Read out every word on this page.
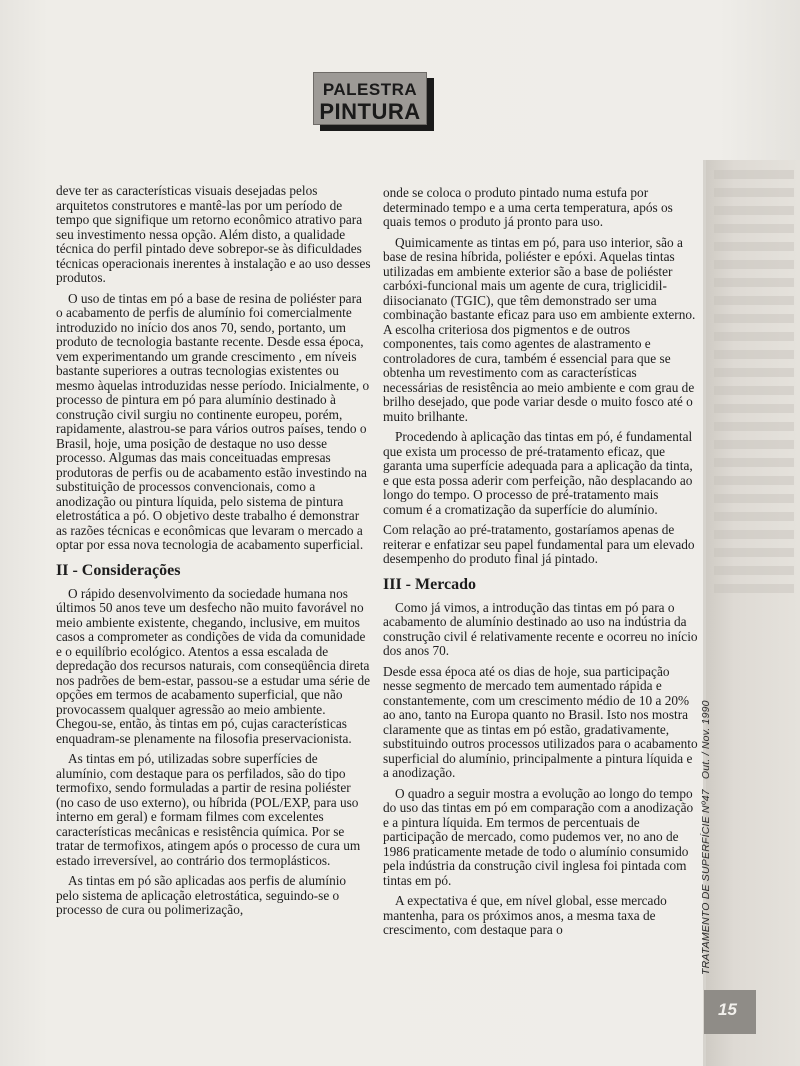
PALESTRA
PINTURA

deve ter as características visuais desejadas pelos arquitetos construtores e mantê-las por um período de tempo que signifique um retorno econômico atrativo para seu investimento nessa opção. Além disto, a qualidade técnica do perfil pintado deve sobrepor-se às dificuldades técnicas operacionais inerentes à instalação e ao uso desses produtos.

O uso de tintas em pó a base de resina de poliéster para o acabamento de perfis de alumínio foi comercialmente introduzido no início dos anos 70, sendo, portanto, um produto de tecnologia bastante recente. Desde essa época, vem experimentando um grande crescimento , em níveis bastante superiores a outras tecnologias existentes ou mesmo àquelas introduzidas nesse período. Inicialmente, o processo de pintura em pó para alumínio destinado à construção civil surgiu no continente europeu, porém, rapidamente, alastrou-se para vários outros países, tendo o Brasil, hoje, uma posição de destaque no uso desse processo. Algumas das mais conceituadas empresas produtoras de perfis ou de acabamento estão investindo na substituição de processos convencionais, como a anodização ou pintura líquida, pelo sistema de pintura eletrostática a pó. O objetivo deste trabalho é demonstrar as razões técnicas e econômicas que levaram o mercado a optar por essa nova tecnologia de acabamento superficial.

II - Considerações

O rápido desenvolvimento da sociedade humana nos últimos 50 anos teve um desfecho não muito favorável no meio ambiente existente, chegando, inclusive, em muitos casos a comprometer as condições de vida da comunidade e o equilíbrio ecológico. Atentos a essa escalada de depredação dos recursos naturais, com conseqüência direta nos padrões de bem-estar, passou-se a estudar uma série de opções em termos de acabamento superficial, que não provocassem qualquer agressão ao meio ambiente. Chegou-se, então, às tintas em pó, cujas características enquadram-se plenamente na filosofia preservacionista.

As tintas em pó, utilizadas sobre superfícies de alumínio, com destaque para os perfilados, são do tipo termofixo, sendo formuladas a partir de resina poliéster (no caso de uso externo), ou híbrida (POL/EXP, para uso interno em geral) e formam filmes com excelentes características mecânicas e resistência química. Por se tratar de termofixos, atingem após o processo de cura um estado irreversível, ao contrário dos termoplásticos.

As tintas em pó são aplicadas aos perfis de alumínio pelo sistema de aplicação eletrostática, seguindo-se o processo de cura ou polimerização,

onde se coloca o produto pintado numa estufa por determinado tempo e a uma certa temperatura, após os quais temos o produto já pronto para uso.

Quimicamente as tintas em pó, para uso interior, são a base de resina híbrida, poliéster e epóxi. Aquelas tintas utilizadas em ambiente exterior são a base de poliéster carbóxi-funcional mais um agente de cura, triglicidil-diisocianato (TGIC), que têm demonstrado ser uma combinação bastante eficaz para uso em ambiente externo. A escolha criteriosa dos pigmentos e de outros componentes, tais como agentes de alastramento e controladores de cura, também é essencial para que se obtenha um revestimento com as características necessárias de resistência ao meio ambiente e com grau de brilho desejado, que pode variar desde o muito fosco até o muito brilhante.

Procedendo à aplicação das tintas em pó, é fundamental que exista um processo de pré-tratamento eficaz, que garanta uma superfície adequada para a aplicação da tinta, e que esta possa aderir com perfeição, não desplacando ao longo do tempo. O processo de pré-tratamento mais comum é a cromatização da superfície do alumínio.

Com relação ao pré-tratamento, gostaríamos apenas de reiterar e enfatizar seu papel fundamental para um elevado desempenho do produto final já pintado.

III - Mercado

Como já vimos, a introdução das tintas em pó para o acabamento de alumínio destinado ao uso na indústria da construção civil é relativamente recente e ocorreu no início dos anos 70.

Desde essa época até os dias de hoje, sua participação nesse segmento de mercado tem aumentado rápida e constantemente, com um crescimento médio de 10 a 20% ao ano, tanto na Europa quanto no Brasil. Isto nos mostra claramente que as tintas em pó estão, gradativamente, substituindo outros processos utilizados para o acabamento superficial do alumínio, principalmente a pintura líquida e a anodização.

O quadro a seguir mostra a evolução ao longo do tempo do uso das tintas em pó em comparação com a anodização e a pintura líquida. Em termos de percentuais de participação de mercado, como pudemos ver, no ano de 1986 praticamente metade de todo o alumínio consumido pela indústria da construção civil inglesa foi pintada com tintas em pó.

A expectativa é que, em nível global, esse mercado mantenha, para os próximos anos, a mesma taxa de crescimento, com destaque para o	TRATAMENTO DE SUPERFÍCIE Nº47Out. / Nov. 1990
15
